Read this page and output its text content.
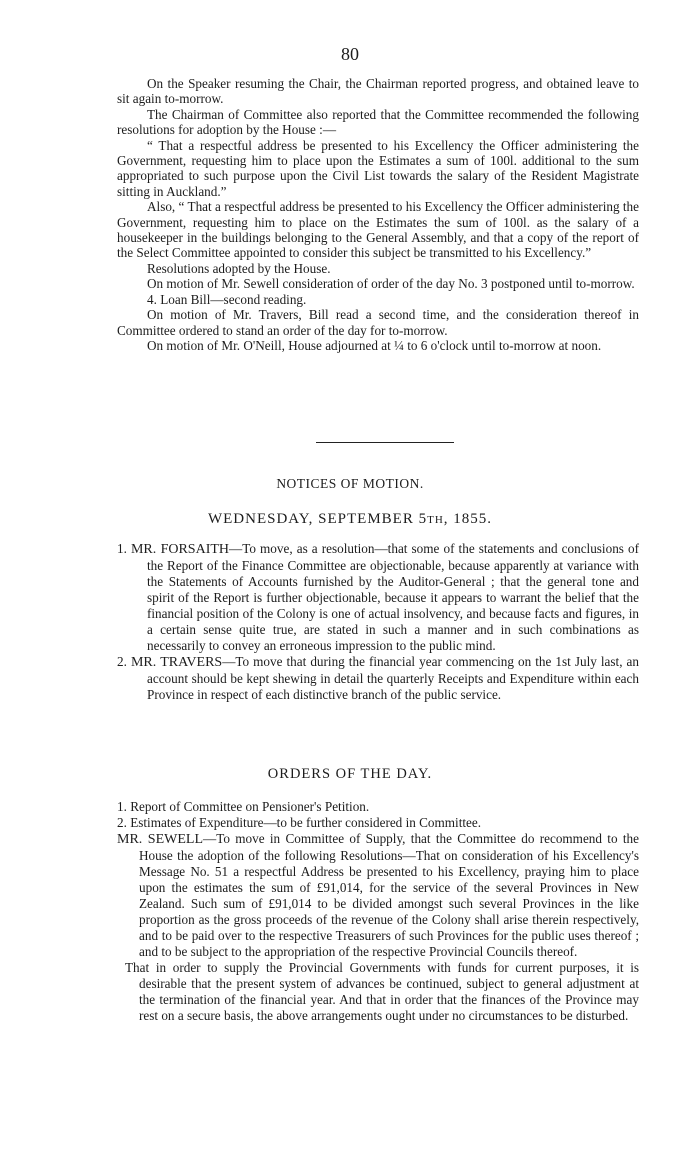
80

On the Speaker resuming the Chair, the Chairman reported progress, and obtained leave to sit again to-morrow.

The Chairman of Committee also reported that the Committee recommended the following resolutions for adoption by the House :—

“ That a respectful address be presented to his Excellency the Officer administering the Government, requesting him to place upon the Estimates a sum of 100l. additional to the sum appropriated to such purpose upon the Civil List towards the salary of the Resident Magistrate sitting in Auckland.”

Also, “ That a respectful address be presented to his Excellency the Officer administering the Government, requesting him to place on the Estimates the sum of 100l. as the salary of a housekeeper in the buildings belonging to the General Assembly, and that a copy of the report of the Select Committee appointed to consider this subject be transmitted to his Excellency.”

Resolutions adopted by the House.

On motion of Mr. Sewell consideration of order of the day No. 3 postponed until to-morrow.

4. Loan Bill—second reading.

On motion of Mr. Travers, Bill read a second time, and the consideration thereof in Committee ordered to stand an order of the day for to-morrow.

On motion of Mr. O'Neill, House adjourned at ¼ to 6 o'clock until to-morrow at noon.

NOTICES OF MOTION.
WEDNESDAY, SEPTEMBER 5TH, 1855.

1. MR. FORSAITH—To move, as a resolution—that some of the statements and conclusions of the Report of the Finance Committee are objectionable, because apparently at variance with the Statements of Accounts furnished by the Auditor-General ; that the general tone and spirit of the Report is further objectionable, because it appears to warrant the belief that the financial position of the Colony is one of actual insolvency, and because facts and figures, in a certain sense quite true, are stated in such a manner and in such combinations as necessarily to convey an erroneous impression to the public mind.

2. MR. TRAVERS—To move that during the financial year commencing on the 1st July last, an account should be kept shewing in detail the quarterly Receipts and Expenditure within each Province in respect of each distinctive branch of the public service.

ORDERS OF THE DAY.

1. Report of Committee on Pensioner's Petition.

2. Estimates of Expenditure—to be further considered in Committee.

MR. SEWELL—To move in Committee of Supply, that the Committee do recommend to the House the adoption of the following Resolutions—That on consideration of his Excellency's Message No. 51 a respectful Address be presented to his Excellency, praying him to place upon the estimates the sum of £91,014, for the service of the several Provinces in New Zealand. Such sum of £91,014 to be divided amongst such several Provinces in the like proportion as the gross proceeds of the revenue of the Colony shall arise therein respectively, and to be paid over to the respective Treasurers of such Provinces for the public uses thereof ; and to be subject to the appropriation of the respective Provincial Councils thereof.

That in order to supply the Provincial Governments with funds for current purposes, it is desirable that the present system of advances be continued, subject to general adjustment at the termination of the financial year. And that in order that the finances of the Province may rest on a secure basis, the above arrangements ought under no circumstances to be disturbed.
